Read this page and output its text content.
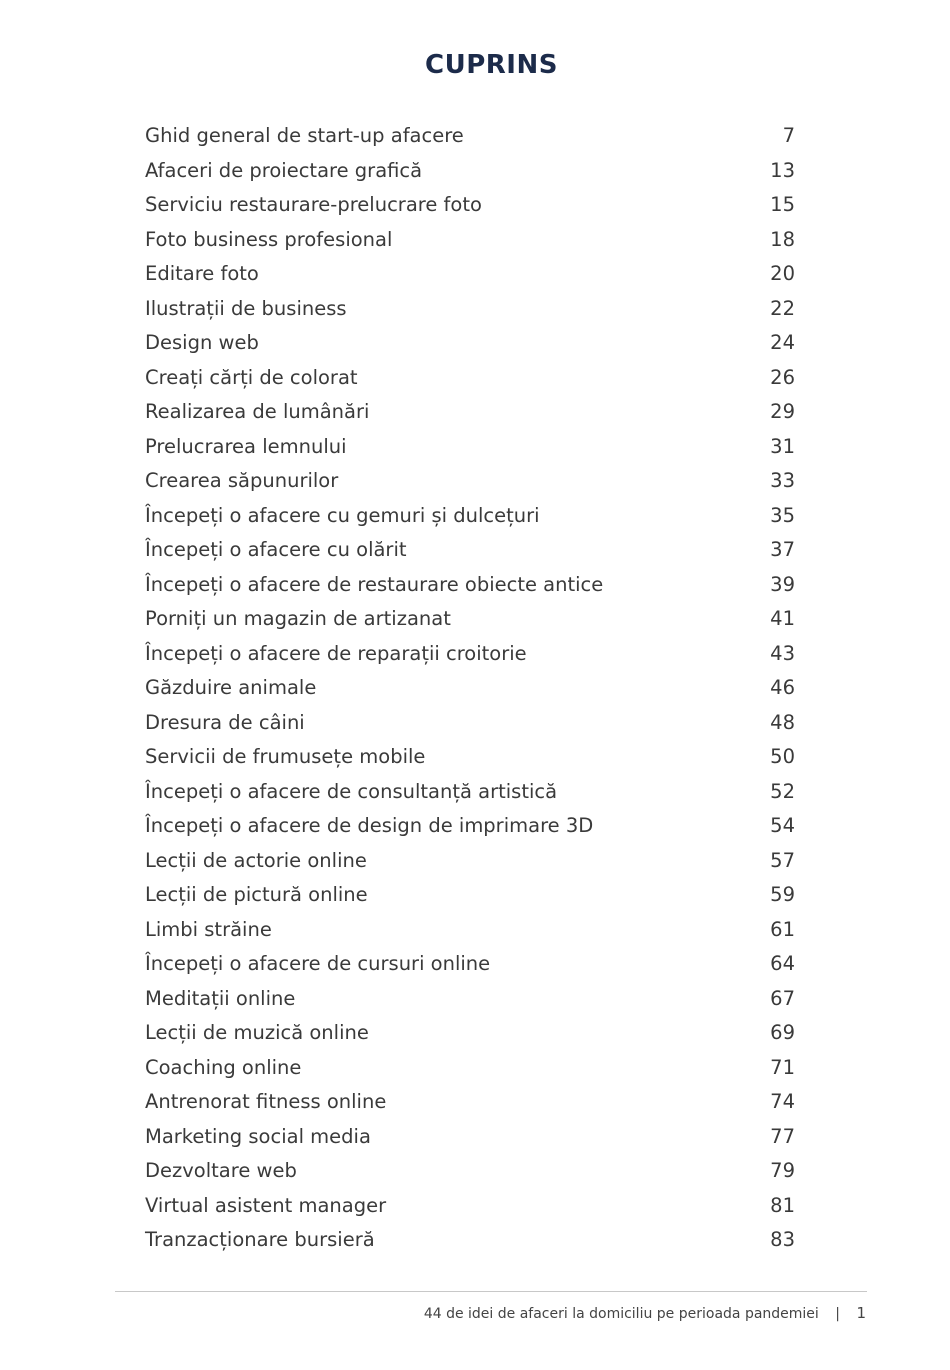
CUPRINS
Ghid general de start-up afacere	7
Afaceri de proiectare grafică	13
Serviciu restaurare-prelucrare foto	15
Foto business profesional	18
Editare foto	20
Ilustrații de business	22
Design web	24
Creați cărți de colorat	26
Realizarea de lumânări	29
Prelucrarea lemnului	31
Crearea săpunurilor	33
Începeți o afacere cu gemuri și dulcețuri	35
Începeți o afacere cu olărit	37
Începeți o afacere de restaurare obiecte antice	39
Porniți un magazin de artizanat	41
Începeți o afacere de reparații croitorie	43
Găzduire animale	46
Dresura de câini	48
Servicii de frumusețe mobile	50
Începeți o afacere de consultanță artistică	52
Începeți o afacere de design de imprimare 3D	54
Lecții de actorie online	57
Lecții de pictură online	59
Limbi străine	61
Începeți o afacere de cursuri online	64
Meditații online	67
Lecții de muzică online	69
Coaching online	71
Antrenorat fitness online	74
Marketing social media	77
Dezvoltare web	79
Virtual asistent manager	81
Tranzacționare bursieră	83
44 de idei de afaceri la domiciliu pe perioada pandemiei | 1
